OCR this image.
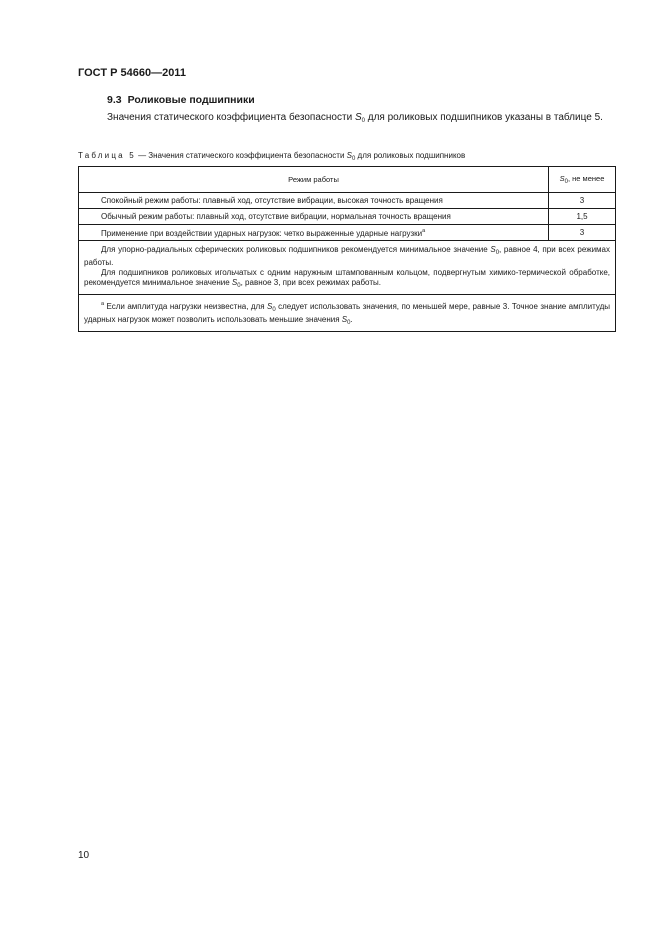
ГОСТ Р 54660—2011
9.3 Роликовые подшипники

Значения статического коэффициента безопасности $S_0$ для роликовых подшипников указаны в таблице 5.

Таблица 5 — Значения статического коэффициента безопасности $S_0$ для роликовых подшипников
Режим работы	$S_0$, не менее
Спокойный режим работы: плавный ход, отсутствие вибрации, высокая точность вращения	3
Обычный режим работы: плавный ход, отсутствие вибрации, нормальная точность вращения	1,5
Применение при воздействии ударных нагрузок: четко выраженные ударные нагрузки$^a$	3

Для упорно-радиальных сферических роликовых подшипников рекомендуется минимальное значение $S_0$, равное 4, при всех режимах работы.

Для подшипников роликовых игольчатых с одним наружным штампованным кольцом, подвергнутым химико-термической обработке, рекомендуется минимальное значение $S_0$, равное 3, при всех режимах работы.	

$^а$ Если амплитуда нагрузки неизвестна, для $S_0$ следует использовать значения, по меньшей мере, равные 3. Точное знание амплитуды ударных нагрузок может позволить использовать меньшие значения $S_0$.	

10
